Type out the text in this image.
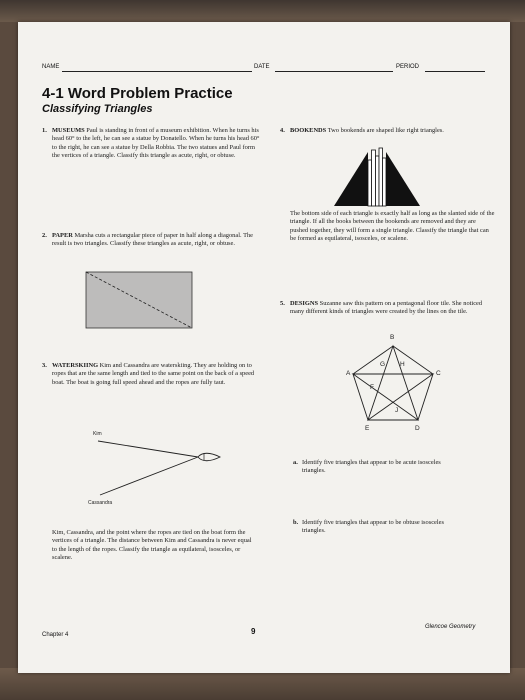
NAME	DATE	PERIOD
4-1 Word Problem Practice
Classifying Triangles
1. MUSEUMS Paul is standing in front of a museum exhibition. When he turns his head 60° to the left, he can see a statue by Donatello. When he turns his head 60° to the right, he can see a statue by Della Robbia. The two statues and Paul form the vertices of a triangle. Classify this triangle as acute, right, or obtuse.

2. PAPER Marsha cuts a rectangular piece of paper in half along a diagonal. The result is two triangles. Classify these triangles as acute, right, or obtuse.

3. WATERSKIING Kim and Cassandra are waterskiing. They are holding on to ropes that are the same length and tied to the same point on the back of a speed boat. The boat is going full speed ahead and the ropes are fully taut.

Kim
Cassandra

Kim, Cassandra, and the point where the ropes are tied on the boat form the vertices of a triangle. The distance between Kim and Cassandra is never equal to the length of the ropes. Classify the triangle as equilateral, isosceles, or scalene.

4. BOOKENDS Two bookends are shaped like right triangles.

The bottom side of each triangle is exactly half as long as the slanted side of the triangle. If all the books between the bookends are removed and they are pushed together, they will form a single triangle. Classify the triangle that can be formed as equilateral, isosceles, or scalene.

5. DESIGNS Suzanne saw this pattern on a pentagonal floor tile. She noticed many different kinds of triangles were created by the lines on the tile.

B
A	C
E	D
G H
F
J
a. Identify five triangles that appear to be acute isosceles triangles.

b. Identify five triangles that appear to be obtuse isosceles triangles.

Chapter 4	9	Glencoe Geometry
